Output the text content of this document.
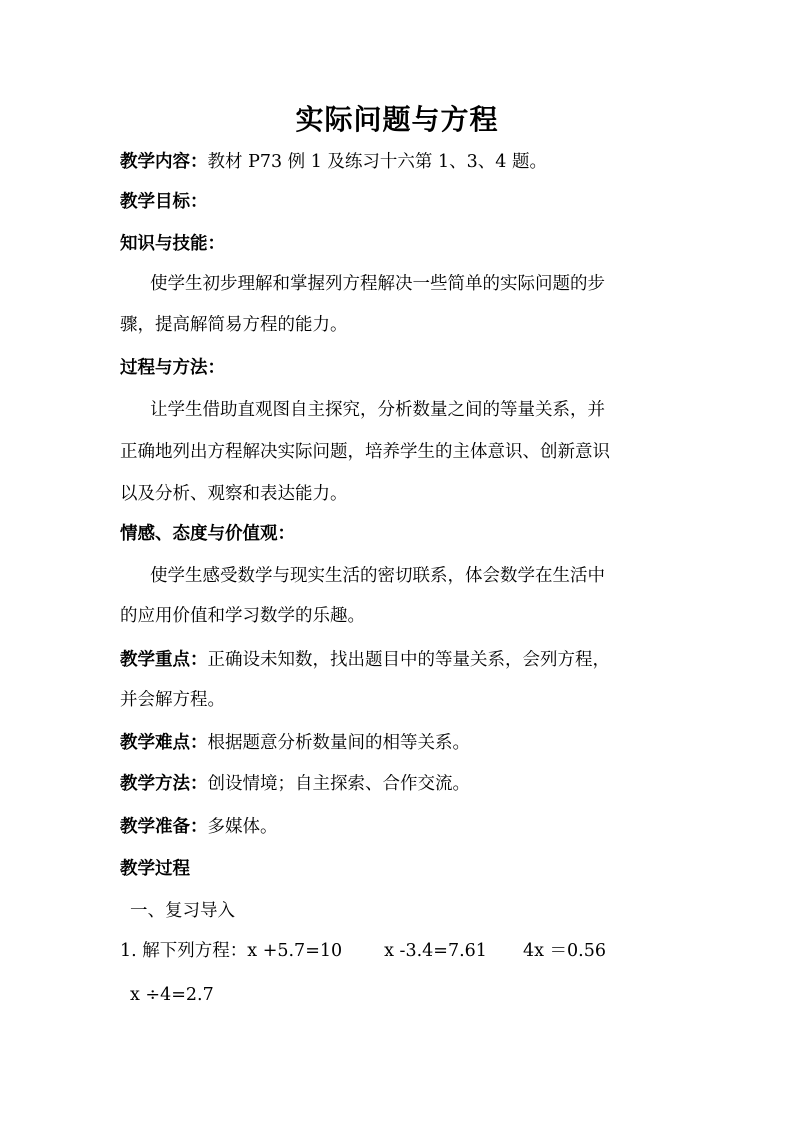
实际问题与方程
教学内容：教材 P73 例 1 及练习十六第 1、3、4 题。
教学目标：
知识与技能：
使学生初步理解和掌握列方程解决一些简单的实际问题的步
骤，提高解简易方程的能力。
过程与方法：
让学生借助直观图自主探究，分析数量之间的等量关系，并
正确地列出方程解决实际问题，培养学生的主体意识、创新意识
以及分析、观察和表达能力。
情感、态度与价值观：
使学生感受数学与现实生活的密切联系，体会数学在生活中
的应用价值和学习数学的乐趣。
教学重点：正确设未知数，找出题目中的等量关系，会列方程，
并会解方程。
教学难点：根据题意分析数量间的相等关系。
教学方法：创设情境；自主探索、合作交流。
教学准备：多媒体。
教学过程
一、复习导入
1. 解下列方程：x +5.7=10 x -3.4=7.61 4x ＝0.56
x ÷4=2.7
